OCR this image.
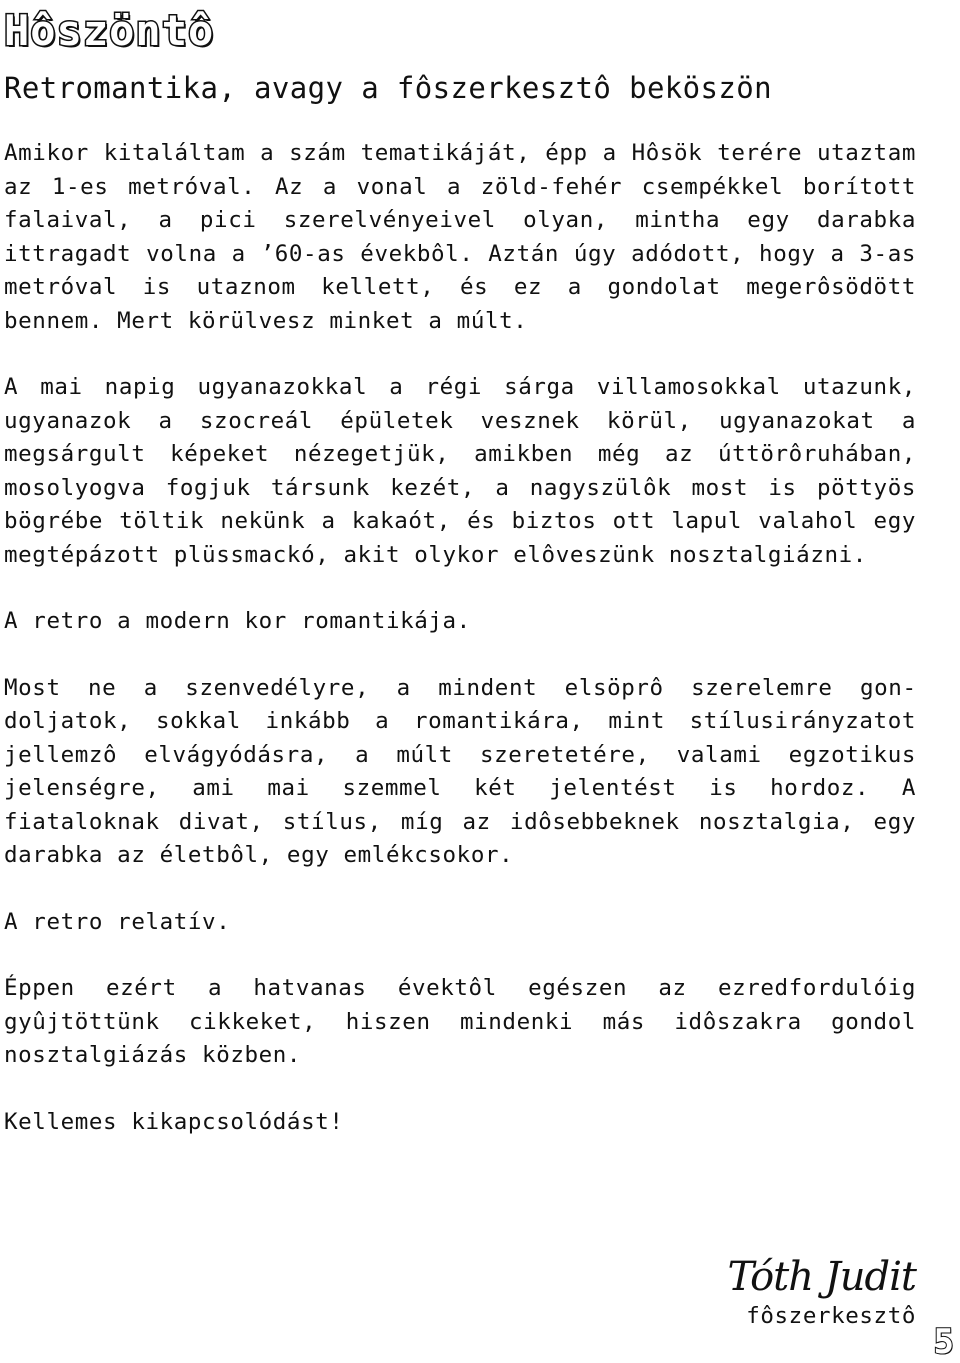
Hôszöntô
Retromantika, avagy a fôszerkesztô beköszön

Amikor kitaláltam a szám tematikáját, épp a Hôsök terére utaztam az 1-es metróval. Az a vonal a zöld-fehér csempékkel borított falaival, a pici szerelvényeivel olyan, mintha egy darabka ittragadt volna a ’60-as évekbôl. Aztán úgy adódott, hogy a 3-as metróval is utaznom kellett, és ez a gondolat megerôsödött bennem. Mert körülvesz minket a múlt.

A mai napig ugyanazokkal a régi sárga villamosokkal utazunk, ugyanazok a szocreál épületek vesznek körül, ugyanazokat a megsárgult képeket nézegetjük, amikben még az úttörôruhában, mosolyogva fogjuk társunk kezét, a nagyszülôk most is pöttyös bögrébe töltik nekünk a kakaót, és biztos ott lapul valahol egy megtépázott plüssmackó, akit olykor elôveszünk nosztalgiázni.

A retro a modern kor romantikája.

Most ne a szenvedélyre, a mindent elsöprô szerelemre gondoljatok, sokkal inkább a romantikára, mint stílusirányzatot jellemzô elvágyódásra, a múlt szeretetére, valami egzotikus jelenségre, ami mai szemmel két jelentést is hordoz. A fiataloknak divat, stílus, míg az idôsebbeknek nosztalgia, egy darabka az életbôl, egy emlékcsokor.

A retro relatív.

Éppen ezért a hatvanas évektôl egészen az ezredfordulóig gyûjtöttünk cikkeket, hiszen mindenki más idôszakra gondol nosztalgiázás közben.

Kellemes kikapcsolódást!

Tóth Judit
fôszerkesztô
5
